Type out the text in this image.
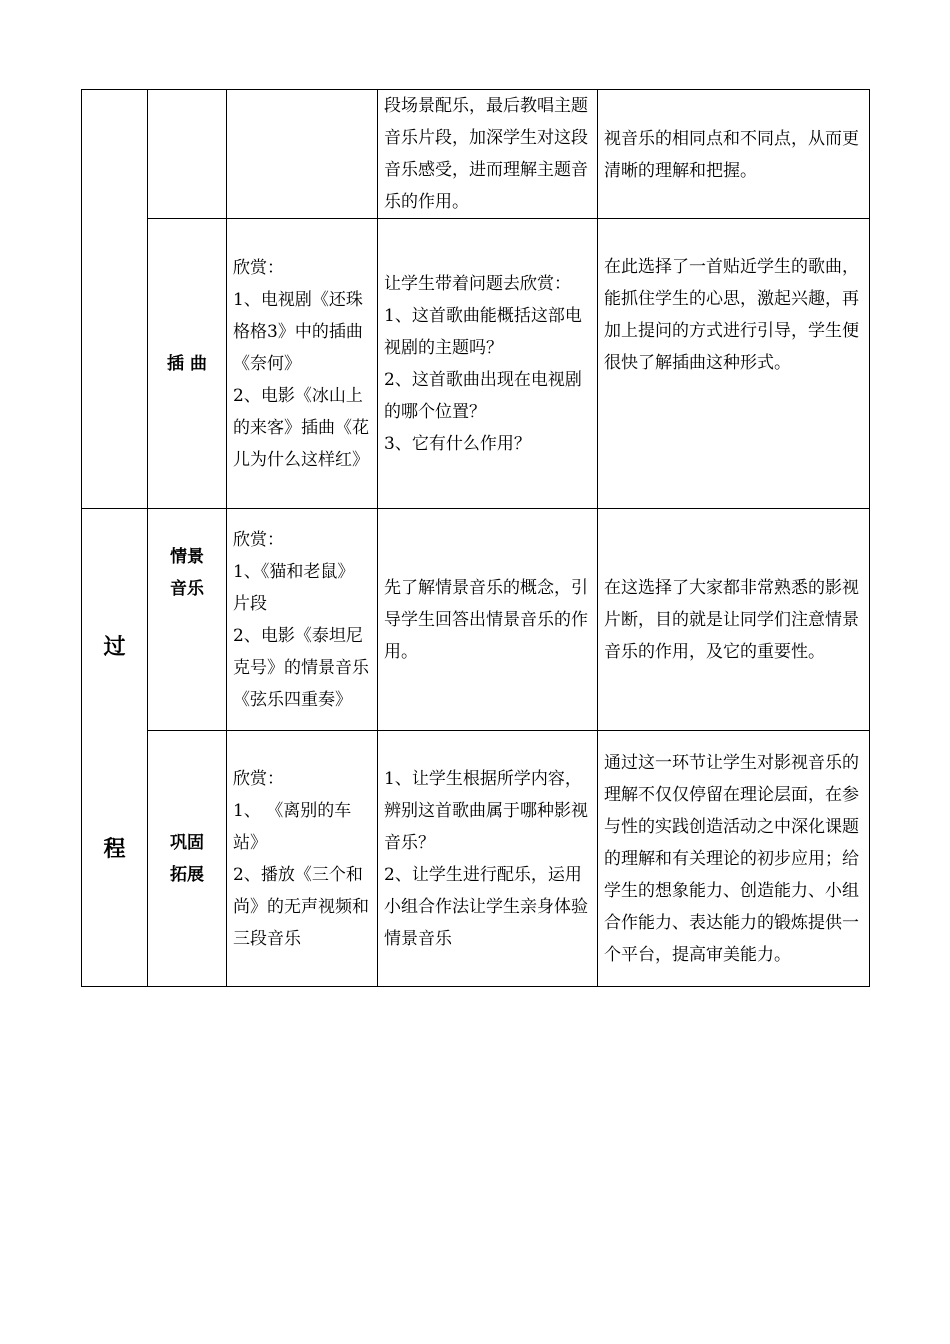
			段场景配乐，最后教唱主题音乐片段，加深学生对这段音乐感受，进而理解主题音乐的作用。	视音乐的相同点和不同点，从而更清晰的理解和把握。
	插 曲	欣赏：
1、电视剧《还珠格格3》中的插曲《奈何》
2、电影《冰山上的来客》插曲《花儿为什么这样红》	让学生带着问题去欣赏：
1、这首歌曲能概括这部电视剧的主题吗？
2、这首歌曲出现在电视剧的哪个位置？
3、它有什么作用？	在此选择了一首贴近学生的歌曲，能抓住学生的心思，激起兴趣，再加上提问的方式进行引导，学生便很快了解插曲这种形式。

过
程	情景
音乐	欣赏：
1、《猫和老鼠》片段
2、电影《泰坦尼克号》的情景音乐《弦乐四重奏》	先了解情景音乐的概念，引导学生回答出情景音乐的作用。	在这选择了大家都非常熟悉的影视片断，目的就是让同学们注意情景音乐的作用，及它的重要性。
	巩固
拓展	欣赏：
1、 《离别的车站》
2、播放《三个和尚》的无声视频和三段音乐	1、让学生根据所学内容，辨别这首歌曲属于哪种影视音乐？
2、让学生进行配乐，运用小组合作法让学生亲身体验情景音乐	通过这一环节让学生对影视音乐的理解不仅仅停留在理论层面，在参与性的实践创造活动之中深化课题的理解和有关理论的初步应用；给学生的想象能力、创造能力、小组合作能力、表达能力的锻炼提供一个平台，提高审美能力。
